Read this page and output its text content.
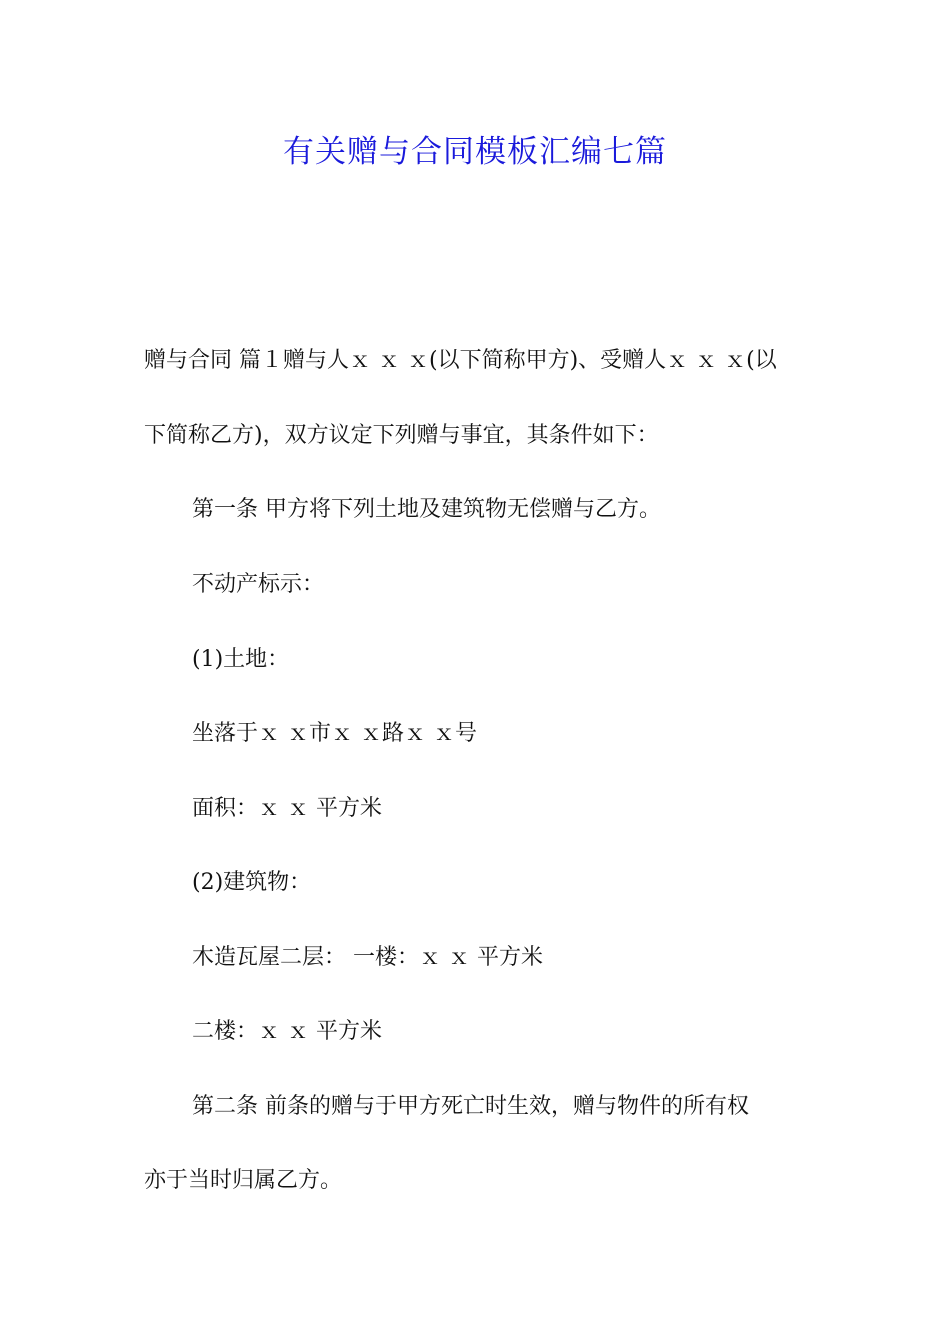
有关赠与合同模板汇编七篇

赠与合同 篇１赠与人ｘ ｘ ｘ(以下简称甲方)、受赠人ｘ ｘ ｘ(以

下简称乙方)，双方议定下列赠与事宜，其条件如下：

第一条 甲方将下列土地及建筑物无偿赠与乙方。

不动产标示：

(1)土地：

坐落于ｘ ｘ市ｘ ｘ路ｘ ｘ号

面积：ｘ ｘ 平方米

(2)建筑物：

木造瓦屋二层： 一楼：ｘ ｘ 平方米

二楼：ｘ ｘ 平方米

第二条 前条的赠与于甲方死亡时生效，赠与物件的所有权

亦于当时归属乙方。
